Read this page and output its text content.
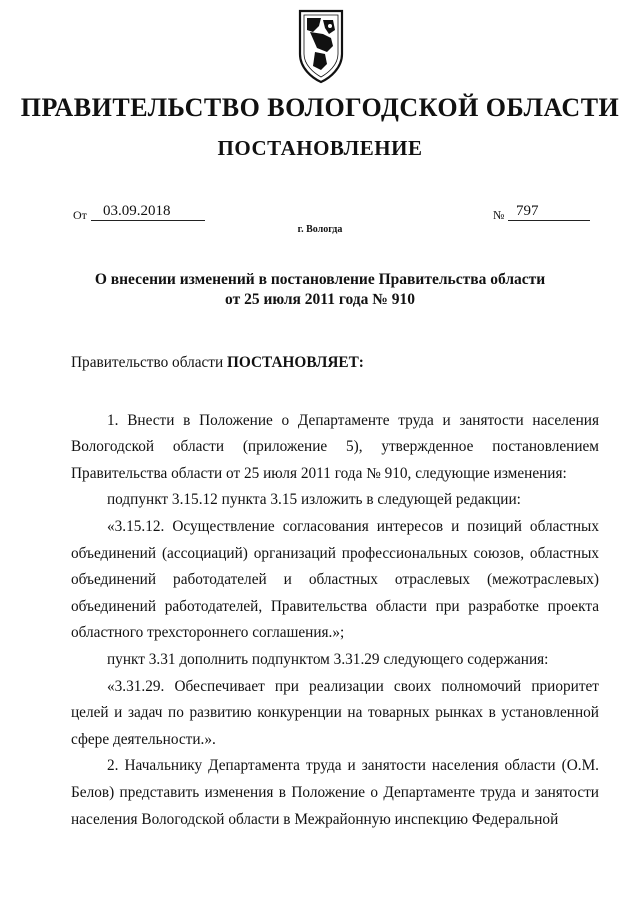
ПРАВИТЕЛЬСТВО ВОЛОГОДСКОЙ ОБЛАСТИ
ПОСТАНОВЛЕНИЕ
От	03.09.2018	№ 797
г. Вологда
О внесении изменений в постановление Правительства области
от 25 июля 2011 года № 910

Правительство области ПОСТАНОВЛЯЕТ:

1. Внести в Положение о Департаменте труда и занятости населения Вологодской области (приложение 5), утвержденное постановлением Правительства области от 25 июля 2011 года № 910, следующие изменения:

подпункт 3.15.12 пункта 3.15 изложить в следующей редакции:

«3.15.12. Осуществление согласования интересов и позиций областных объединений (ассоциаций) организаций профессиональных союзов, областных объединений работодателей и областных отраслевых (межотраслевых) объединений работодателей, Правительства области при разработке проекта областного трехстороннего соглашения.»;

пункт 3.31 дополнить подпунктом 3.31.29 следующего содержания:

«3.31.29. Обеспечивает при реализации своих полномочий приоритет целей и задач по развитию конкуренции на товарных рынках в установленной сфере деятельности.».

2. Начальнику Департамента труда и занятости населения области (О.М. Белов) представить изменения в Положение о Департаменте труда и занятости населения Вологодской области в Межрайонную инспекцию Федеральной
